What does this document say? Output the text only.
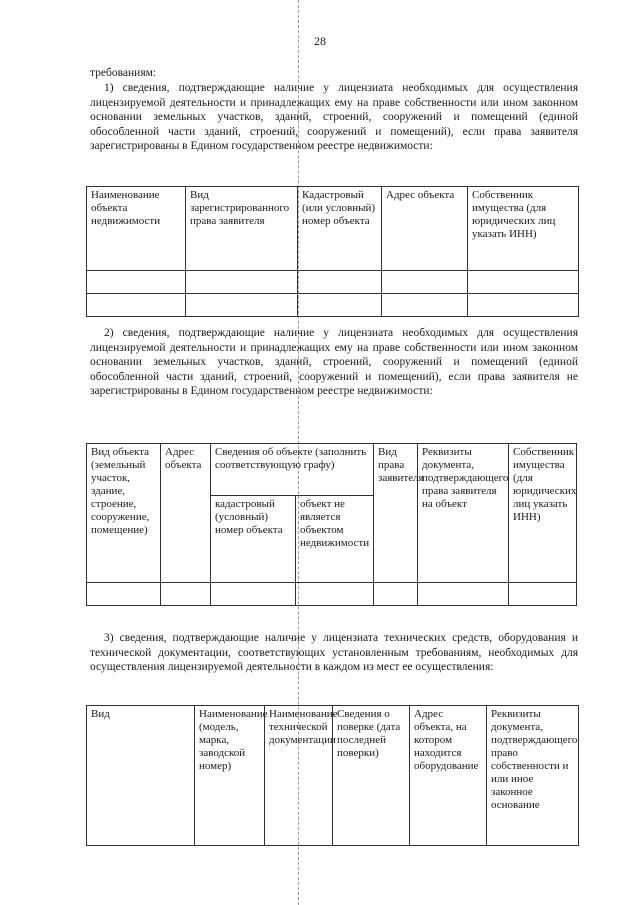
28
требованиям:
1) сведения, подтверждающие наличие у лицензиата необходимых для осуществления лицензируемой деятельности и принадлежащих ему на праве собственности или ином законном основании земельных участков, зданий, строений, сооружений и помещений (единой обособленной части зданий, строений, сооружений и помещений), если права заявителя зарегистрированы в Едином государственном реестре недвижимости:
Наименование объекта недвижимости	Вид зарегистрированного права заявителя	Кадастровый (или условный) номер объекта	Адрес объекта	Собственник имущества (для юридических лиц указать ИНН)

2) сведения, подтверждающие наличие у лицензиата необходимых для осуществления лицензируемой деятельности и принадлежащих ему на праве собственности или ином законном основании земельных участков, зданий, строений, сооружений и помещений (единой обособленной части зданий, строений, сооружений и помещений), если права заявителя не зарегистрированы в Едином государственном реестре недвижимости:
Вид объекта (земельный участок, здание, строение, сооружение, помещение)	Адрес объекта	Сведения об объекте (заполнить соответствующую графу)		Вид права заявителя	Реквизиты документа, подтверждающего права заявителя на объект	Собственник имущества (для юридических лиц указать ИНН)
		кадастровый (условный) номер объекта	объект не является объектом недвижимости			

3) сведения, подтверждающие наличие у лицензиата технических средств, оборудования и технической документации, соответствующих установленным требованиям, необходимых для осуществления лицензируемой деятельности в каждом из мест ее осуществления:
Вид	Наименование (модель, марка, заводской номер)	Наименование технической документации	Сведения о поверке (дата последней поверки)	Адрес объекта, на котором находится оборудование	Реквизиты документа, подтверждающего право собственности и или иное законное основание
